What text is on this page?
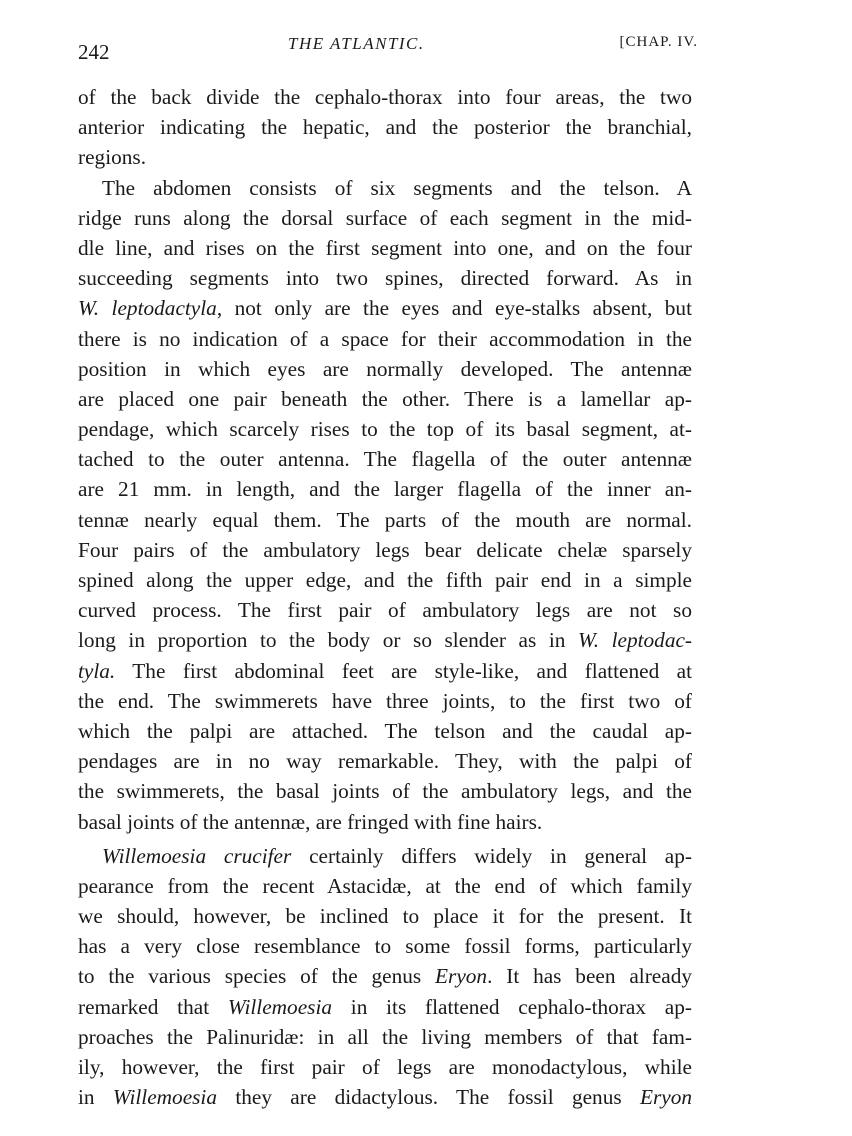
242	THE ATLANTIC.	[CHAP. IV.
of the back divide the cephalo-thorax into four areas, the two
anterior indicating the hepatic, and the posterior the branchial,
regions.
The abdomen consists of six segments and the telson. A
ridge runs along the dorsal surface of each segment in the mid-
dle line, and rises on the first segment into one, and on the four
succeeding segments into two spines, directed forward. As in
W. leptodactyla, not only are the eyes and eye-stalks absent, but
there is no indication of a space for their accommodation in the
position in which eyes are normally developed. The antennæ
are placed one pair beneath the other. There is a lamellar ap-
pendage, which scarcely rises to the top of its basal segment, at-
tached to the outer antenna. The flagella of the outer antennæ
are 21 mm. in length, and the larger flagella of the inner an-
tennæ nearly equal them. The parts of the mouth are normal.
Four pairs of the ambulatory legs bear delicate chelæ sparsely
spined along the upper edge, and the fifth pair end in a simple
curved process. The first pair of ambulatory legs are not so
long in proportion to the body or so slender as in W. leptodac-
tyla. The first abdominal feet are style-like, and flattened at
the end. The swimmerets have three joints, to the first two of
which the palpi are attached. The telson and the caudal ap-
pendages are in no way remarkable. They, with the palpi of
the swimmerets, the basal joints of the ambulatory legs, and the
basal joints of the antennæ, are fringed with fine hairs.
Willemoesia crucifer certainly differs widely in general ap-
pearance from the recent Astacidæ, at the end of which family
we should, however, be inclined to place it for the present. It
has a very close resemblance to some fossil forms, particularly
to the various species of the genus Eryon. It has been already
remarked that Willemoesia in its flattened cephalo-thorax ap-
proaches the Palinuridæ: in all the living members of that fam-
ily, however, the first pair of legs are monodactylous, while
in Willemoesia they are didactylous. The fossil genus Eryon
